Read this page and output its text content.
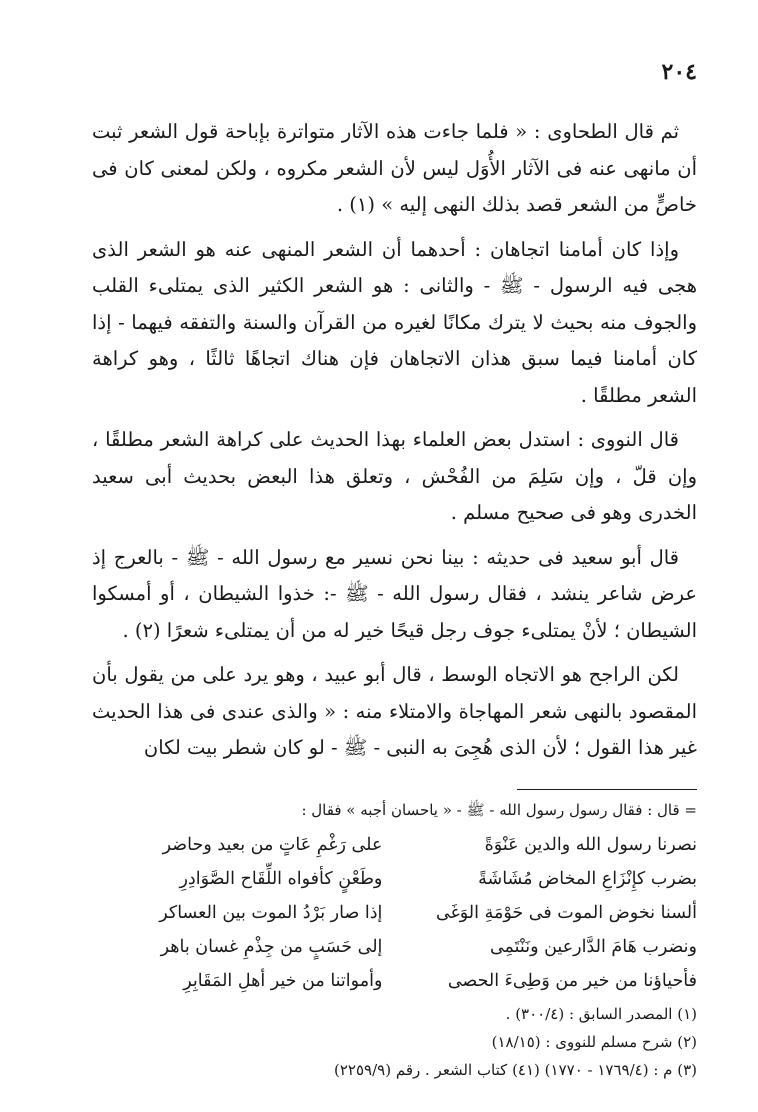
٢٠٤

ثم قال الطحاوى : « فلما جاءت هذه الآثار متواترة بإباحة قول الشعر ثبت أن مانهى عنه فى الآثار الأُوَل ليس لأن الشعر مكروه ، ولكن لمعنى كان فى خاصٍّ من الشعر قصد بذلك النهى إليه » (١) .

وإذا كان أمامنا اتجاهان : أحدهما أن الشعر المنهى عنه هو الشعر الذى هجى فيه الرسول - ﷺ - والثانى : هو الشعر الكثير الذى يمتلىء القلب والجوف منه بحيث لا يترك مكانًا لغيره من القرآن والسنة والتفقه فيهما - إذا كان أمامنا فيما سبق هذان الاتجاهان فإن هناك اتجاهًا ثالثًا ، وهو كراهة الشعر مطلقًا .

قال النووى : استدل بعض العلماء بهذا الحديث على كراهة الشعر مطلقًا ، وإن قلّ ، وإن سَلِمَ من الفُحْش ، وتعلق هذا البعض بحديث أبى سعيد الخدرى وهو فى صحيح مسلم .

قال أبو سعيد فى حديثه : بينا نحن نسير مع رسول الله - ﷺ - بالعرج إذ عرض شاعر ينشد ، فقال رسول الله - ﷺ -: خذوا الشيطان ، أو أمسكوا الشيطان ؛ لأنْ يمتلىء جوف رجل قيحًا خير له من أن يمتلىء شعرًا (٢) .

لكن الراجح هو الاتجاه الوسط ، قال أبو عبيد ، وهو يرد على من يقول بأن المقصود بالنهى شعر المهاجاة والامتلاء منه : « والذى عندى فى هذا الحديث غير هذا القول ؛ لأن الذى هُجِىَ به النبى - ﷺ - لو كان شطر بيت لكان

= قال : فقال رسول رسول الله - ﷺ - « ياحسان أجبه » فقال :
نصرنا رسول الله والدين عَنْوَةً
على رَغْمِ عَاتٍ من بعيد وحاضر
بضرب كإِنْزَاعِ المخاض مُشَاشَةً
وطَعْنٍ كأفواه اللِّقَاح الصَّوَادِرِ
ألسنا نخوض الموت فى حَوْمَةِ الوَغَى
إذا صار بَرْدُ الموت بين العساكر
ونضرب هَامَ الدَّارعين ونَنْتَمِى
إلى حَسَبٍ من جِذْمِ غسان باهر
فأحياؤنا من خير من وَطِىءَ الحصى
وأمواتنا من خير أهلِ المَقَابِرِ

(١) المصدر السابق : (٣٠٠/٤) .

(٢) شرح مسلم للنووى : (١٨/١٥)

(٣) م : (١٧٦٩/٤ - ١٧٧٠) (٤١) كتاب الشعر . رقم (٢٢٥٩/٩)
